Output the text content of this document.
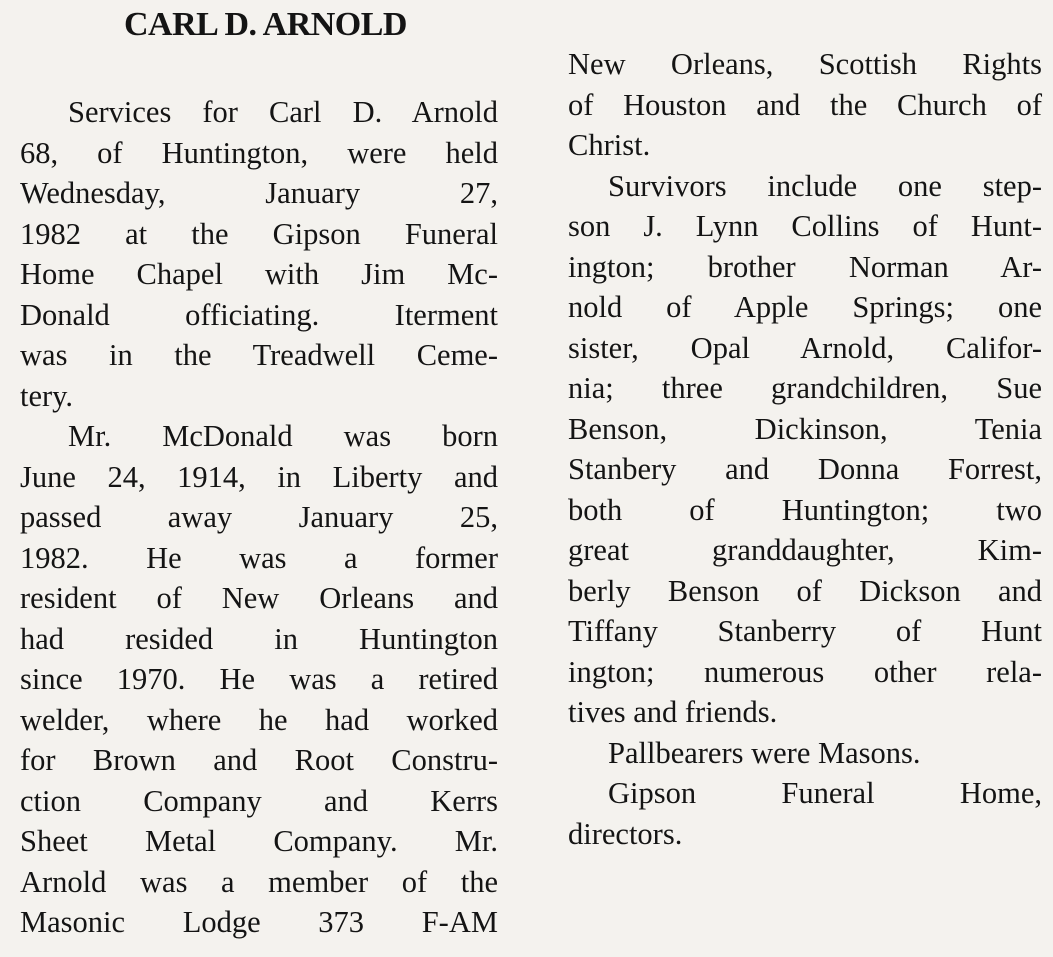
CARL D. ARNOLD
Services for Carl D. Arnold
68, of Huntington, were held
Wednesday, January 27,
1982 at the Gipson Funeral
Home Chapel with Jim Mc-
Donald officiating. Iterment
was in the Treadwell Ceme-
tery.
Mr. McDonald was born
June 24, 1914, in Liberty and
passed away January 25,
1982. He was a former
resident of New Orleans and
had resided in Huntington
since 1970. He was a retired
welder, where he had worked
for Brown and Root Constru-
ction Company and Kerrs
Sheet Metal Company. Mr.
Arnold was a member of the
Masonic Lodge 373 F-AM
New Orleans, Scottish Rights
of Houston and the Church of
Christ.
Survivors include one step-
son J. Lynn Collins of Hunt-
ington; brother Norman Ar-
nold of Apple Springs; one
sister, Opal Arnold, Califor-
nia; three grandchildren, Sue
Benson, Dickinson, Tenia
Stanbery and Donna Forrest,
both of Huntington; two
great granddaughter, Kim-
berly Benson of Dickson and
Tiffany Stanberry of Hunt
ington; numerous other rela-
tives and friends.
Pallbearers were Masons.
Gipson Funeral Home,
directors.
